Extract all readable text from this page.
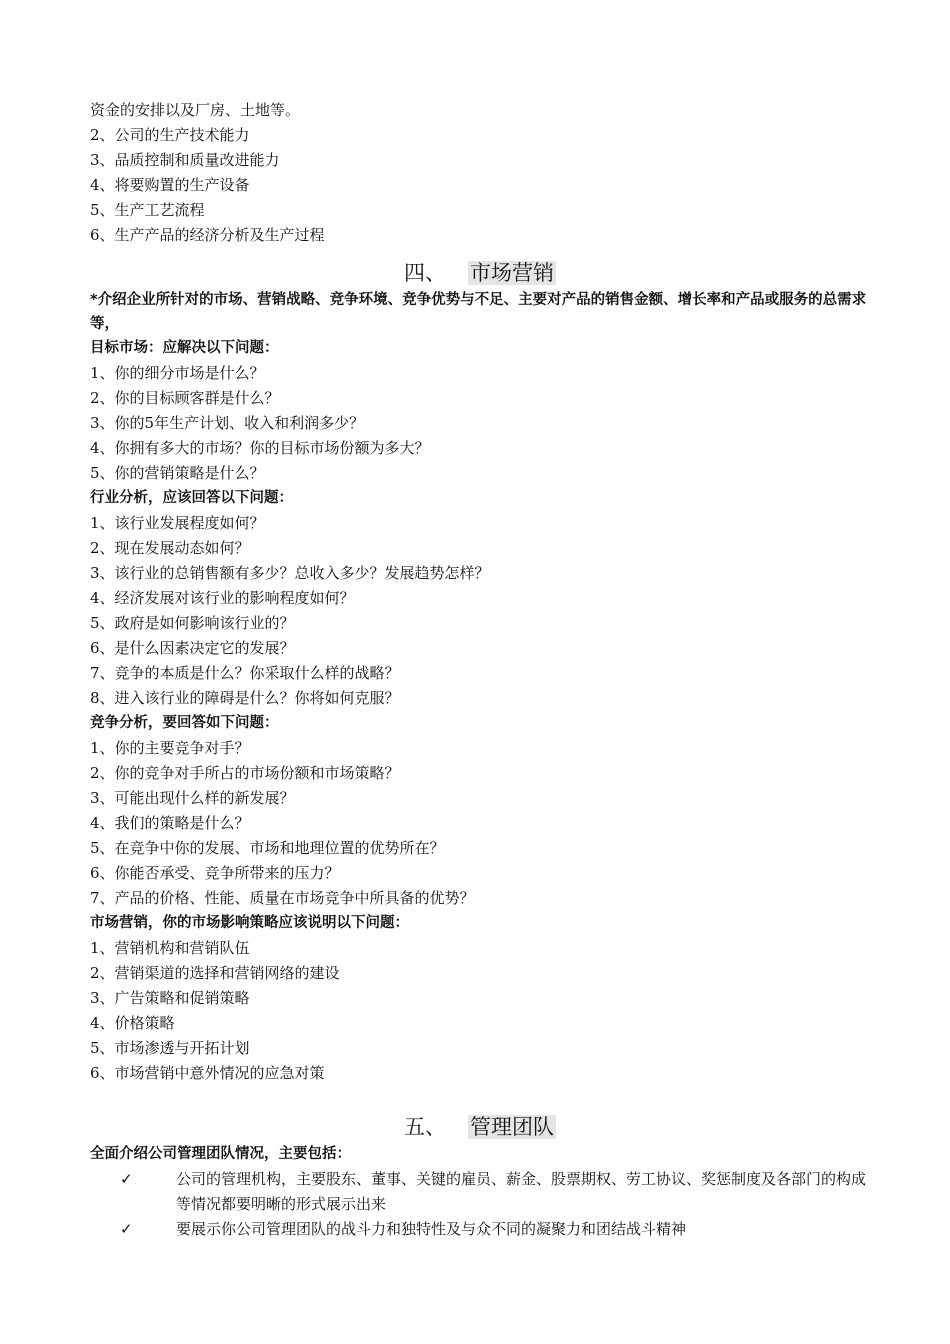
资金的安排以及厂房、土地等。
2、公司的生产技术能力
3、品质控制和质量改进能力
4、将要购置的生产设备
5、生产工艺流程
6、生产产品的经济分析及生产过程
四、 市场营销
*介绍企业所针对的市场、营销战略、竞争环境、竞争优势与不足、主要对产品的销售金额、增长率和产品或服务的总需求等，
目标市场：应解决以下问题：
1、你的细分市场是什么？
2、你的目标顾客群是什么？
3、你的5年生产计划、收入和利润多少？
4、你拥有多大的市场？你的目标市场份额为多大？
5、你的营销策略是什么？
行业分析，应该回答以下问题：
1、该行业发展程度如何？
2、现在发展动态如何？
3、该行业的总销售额有多少？总收入多少？发展趋势怎样？
4、经济发展对该行业的影响程度如何？
5、政府是如何影响该行业的？
6、是什么因素决定它的发展？
7、竞争的本质是什么？你采取什么样的战略？
8、进入该行业的障碍是什么？你将如何克服？
竞争分析，要回答如下问题：
1、你的主要竞争对手？
2、你的竞争对手所占的市场份额和市场策略？
3、可能出现什么样的新发展？
4、我们的策略是什么？
5、在竞争中你的发展、市场和地理位置的优势所在？
6、你能否承受、竞争所带来的压力？
7、产品的价格、性能、质量在市场竞争中所具备的优势？
市场营销，你的市场影响策略应该说明以下问题：
1、营销机构和营销队伍
2、营销渠道的选择和营销网络的建设
3、广告策略和促销策略
4、价格策略
5、市场渗透与开拓计划
6、市场营销中意外情况的应急对策
五、 管理团队
全面介绍公司管理团队情况，主要包括：
✓	公司的管理机构，主要股东、董事、关键的雇员、薪金、股票期权、劳工协议、奖惩制度及各部门的构成等情况都要明晰的形式展示出来
✓	要展示你公司管理团队的战斗力和独特性及与众不同的凝聚力和团结战斗精神
